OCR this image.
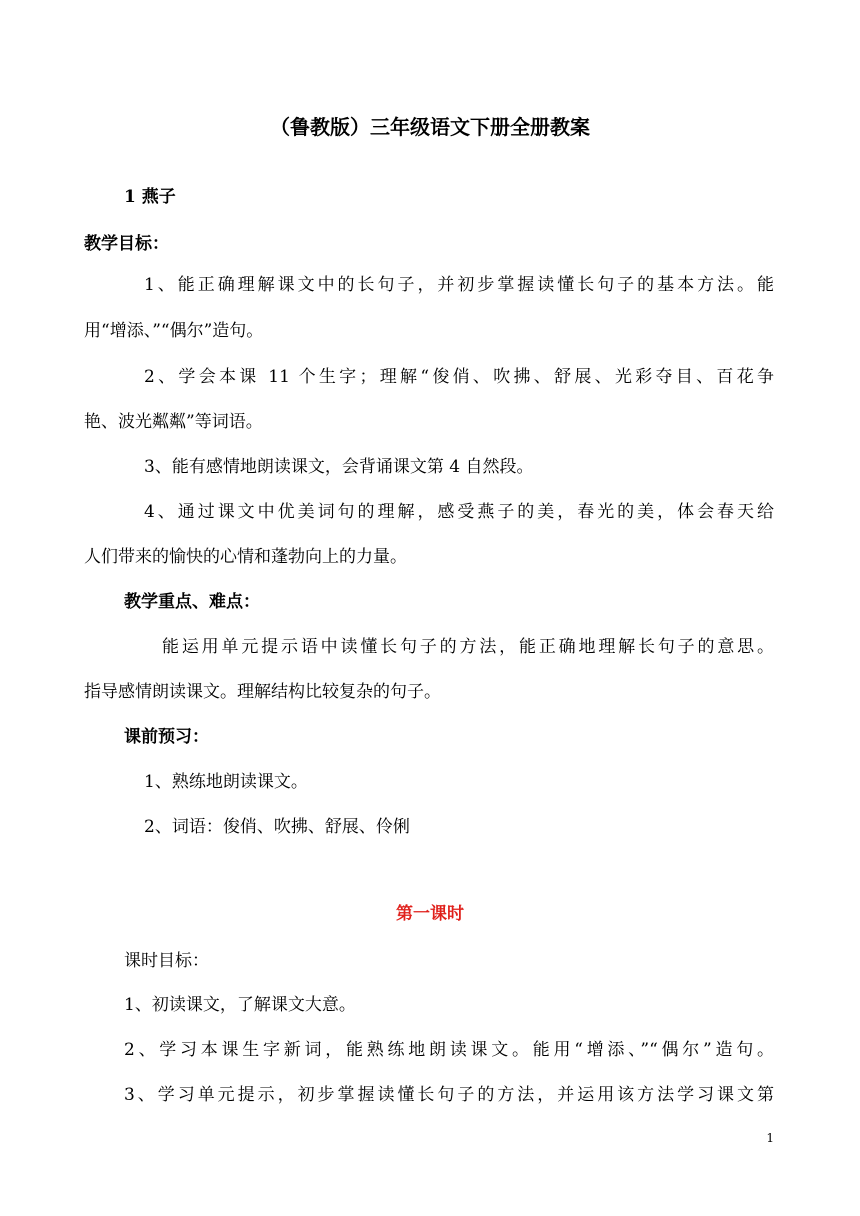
（鲁教版）三年级语文下册全册教案
1 燕子
教学目标：
1、能正确理解课文中的长句子，并初步掌握读懂长句子的基本方法。能
用“增添、”“偶尔”造句。
2、学会本课 11 个生字；理解“俊俏、吹拂、舒展、光彩夺目、百花争
艳、波光粼粼”等词语。
3、能有感情地朗读课文，会背诵课文第 4 自然段。
4、通过课文中优美词句的理解，感受燕子的美，春光的美，体会春天给
人们带来的愉快的心情和蓬勃向上的力量。
教学重点、难点：
能运用单元提示语中读懂长句子的方法，能正确地理解长句子的意思。
指导感情朗读课文。理解结构比较复杂的句子。
课前预习：
1、熟练地朗读课文。
2、词语：俊俏、吹拂、舒展、伶俐
第一课时
课时目标：
1、初读课文，了解课文大意。
2、学习本课生字新词，能熟练地朗读课文。能用“增添、”“偶尔”造句。
3、学习单元提示，初步掌握读懂长句子的方法，并运用该方法学习课文第
1
